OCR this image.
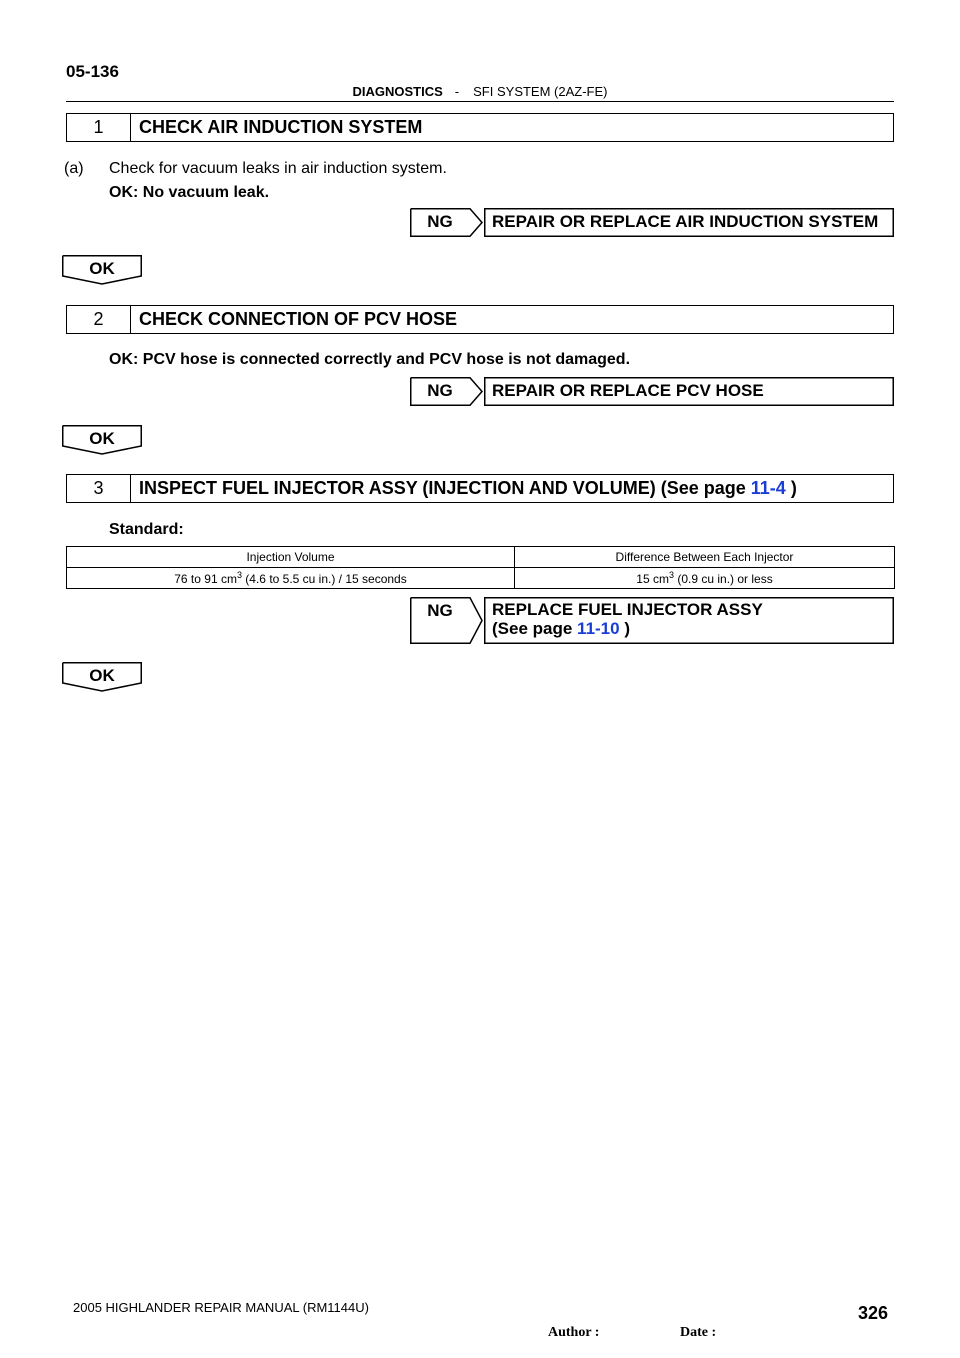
05-136
DIAGNOSTICS - SFI SYSTEM (2AZ-FE)
1	CHECK AIR INDUCTION SYSTEM
(a) Check for vacuum leaks in air induction system.
OK: No vacuum leak.
NG	REPAIR OR REPLACE AIR INDUCTION SYSTEM
OK
2	CHECK CONNECTION OF PCV HOSE
OK: PCV hose is connected correctly and PCV hose is not damaged.
NG	REPAIR OR REPLACE PCV HOSE
OK
3	INSPECT FUEL INJECTOR ASSY (INJECTION AND VOLUME) (See page 11-4 )
Standard:
Injection Volume	Difference Between Each Injector
76 to 91 $cm^3$ (4.6 to 5.5 cu in.) / 15 seconds	15 $cm^3$ (0.9 cu in.) or less
NG	REPLACE FUEL INJECTOR ASSY
(See page 11-10 )
OK
2005 HIGHLANDER REPAIR MANUAL (RM1144U)
Author :	Date :
326
